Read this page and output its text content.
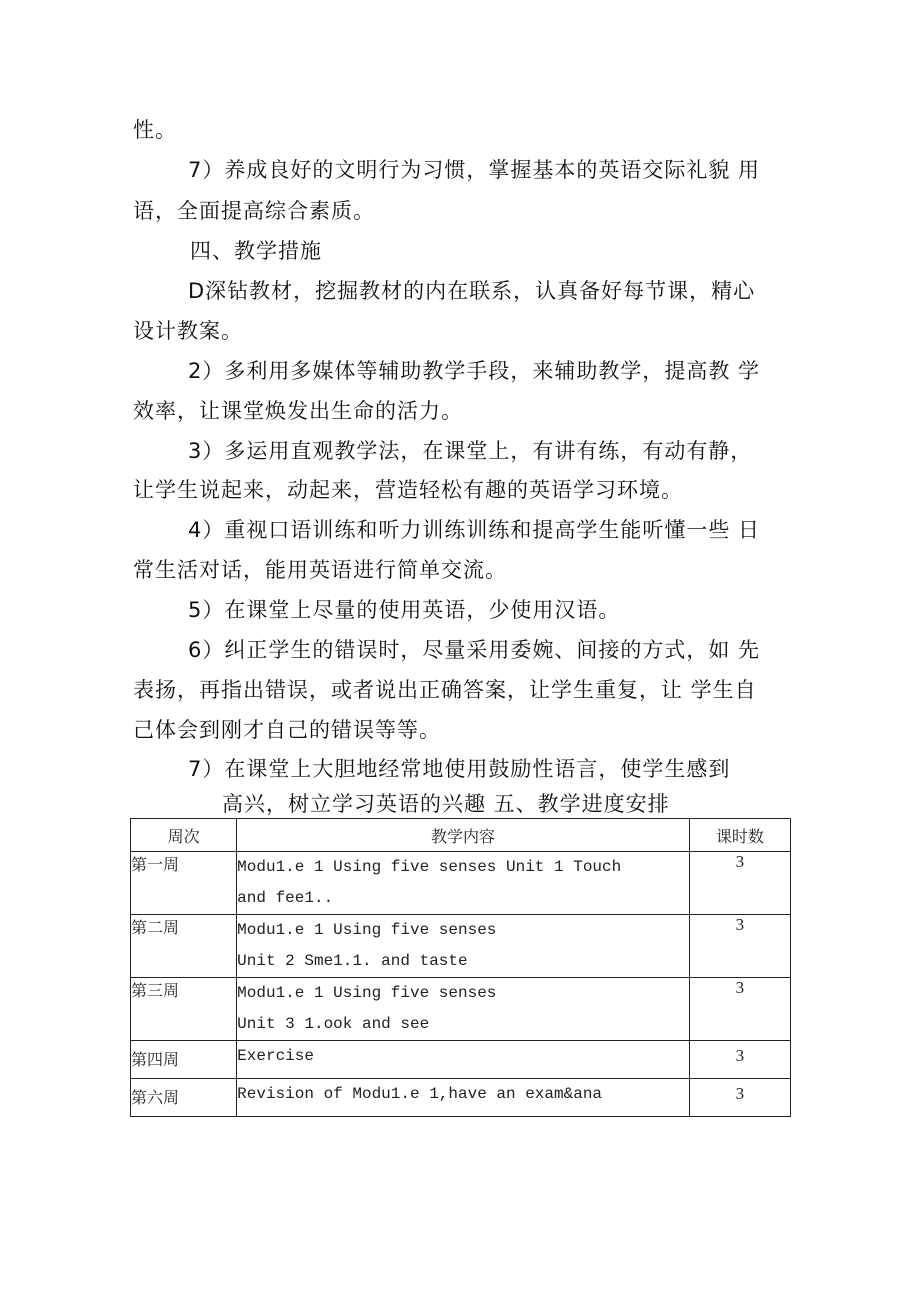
性。
7）养成良好的文明行为习惯，掌握基本的英语交际礼貌 用
语，全面提高综合素质。
四、教学措施
D深钻教材，挖掘教材的内在联系，认真备好每节课，精心
设计教案。
2）多利用多媒体等辅助教学手段，来辅助教学，提高教 学
效率，让课堂焕发出生命的活力。
3）多运用直观教学法，在课堂上，有讲有练，有动有静，
让学生说起来，动起来，营造轻松有趣的英语学习环境。
4）重视口语训练和听力训练训练和提高学生能听懂一些 日
常生活对话，能用英语进行简单交流。
5）在课堂上尽量的使用英语，少使用汉语。
6）纠正学生的错误时，尽量采用委婉、间接的方式，如 先
表扬，再指出错误，或者说出正确答案，让学生重复，让 学生自
己体会到刚才自己的错误等等。
7）在课堂上大胆地经常地使用鼓励性语言，使学生感到
高兴，树立学习英语的兴趣 五、教学进度安排
周次	教学内容	课时数
第一周	Modu1.e 1 Using five senses Unit 1 Touch
and fee1..	3
第二周	Modu1.e 1 Using five senses
Unit 2 Sme1.1. and taste	3
第三周	Modu1.e 1 Using five senses
Unit 3 1.ook and see	3
第四周	Exercise	3
第六周	Revision of Modu1.e 1,have an exam&ana	3
